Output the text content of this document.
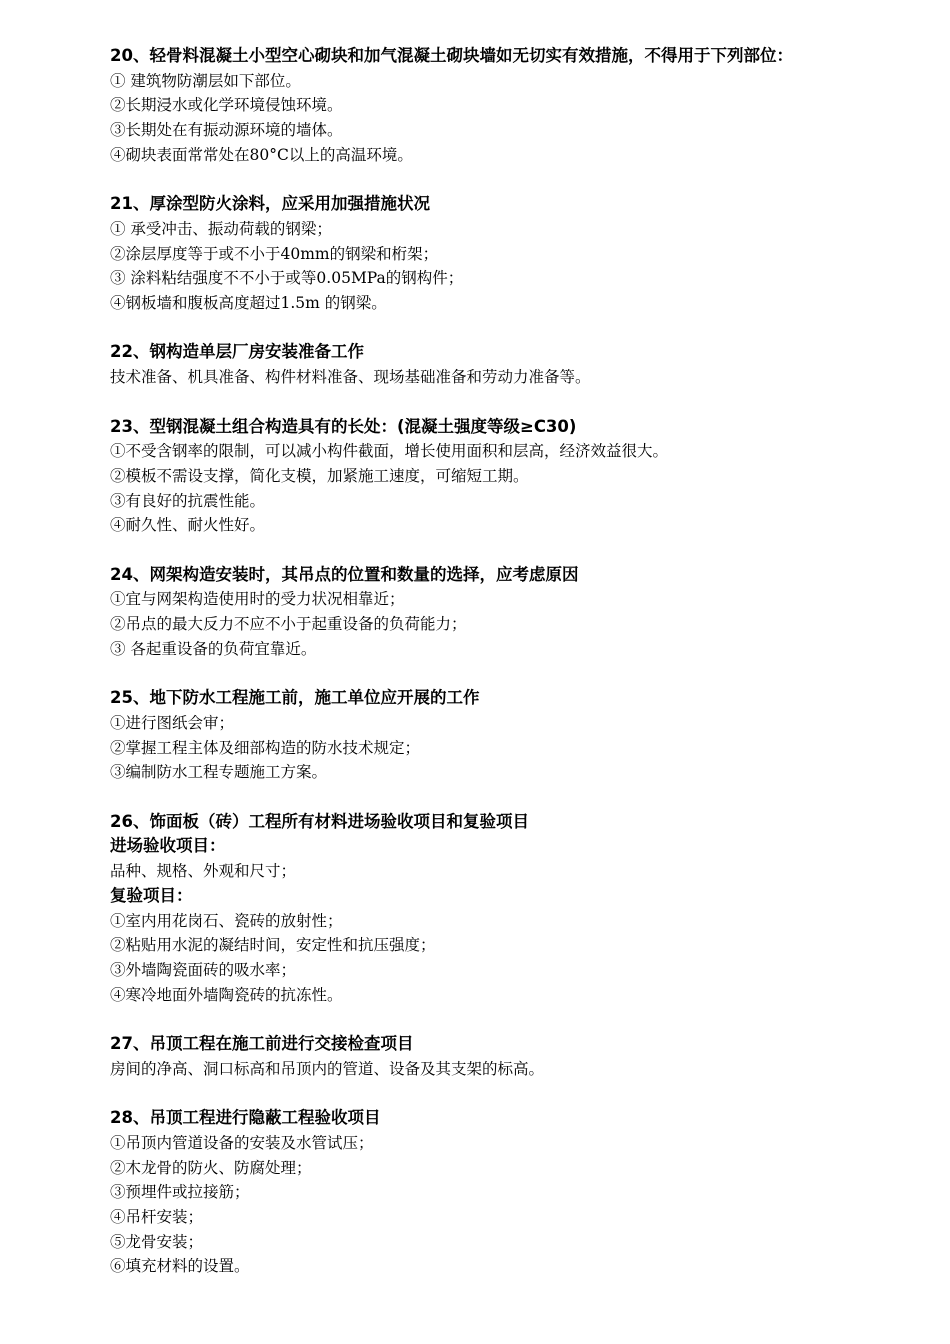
20、轻骨料混凝土小型空心砌块和加气混凝土砌块墙如无切实有效措施，不得用于下列部位：

① 建筑物防潮层如下部位。

②长期浸水或化学环境侵蚀环境。

③长期处在有振动源环境的墙体。

④砌块表面常常处在80°C以上的高温环境。

21、厚涂型防火涂料，应采用加强措施状况

① 承受冲击、振动荷载的钢梁；

②涂层厚度等于或不小于40mm的钢梁和桁架；

③ 涂料粘结强度不不小于或等0.05MPa的钢构件；

④钢板墙和腹板高度超过1.5m 的钢梁。

22、钢构造单层厂房安装准备工作

技术准备、机具准备、构件材料准备、现场基础准备和劳动力准备等。

23、型钢混凝土组合构造具有的长处：(混凝土强度等级≥C30)

①不受含钢率的限制，可以减小构件截面，增长使用面积和层高，经济效益很大。

②模板不需设支撑，简化支模，加紧施工速度，可缩短工期。

③有良好的抗震性能。

④耐久性、耐火性好。

24、网架构造安装时，其吊点的位置和数量的选择，应考虑原因

①宜与网架构造使用时的受力状况相靠近；

②吊点的最大反力不应不小于起重设备的负荷能力；

③ 各起重设备的负荷宜靠近。

25、地下防水工程施工前，施工单位应开展的工作

①进行图纸会审；

②掌握工程主体及细部构造的防水技术规定；

③编制防水工程专题施工方案。

26、饰面板（砖）工程所有材料进场验收项目和复验项目

进场验收项目：

品种、规格、外观和尺寸；

复验项目：

①室内用花岗石、瓷砖的放射性；

②粘贴用水泥的凝结时间，安定性和抗压强度；

③外墙陶瓷面砖的吸水率；

④寒冷地面外墙陶瓷砖的抗冻性。

27、吊顶工程在施工前进行交接检查项目

房间的净高、洞口标高和吊顶内的管道、设备及其支架的标高。

28、吊顶工程进行隐蔽工程验收项目

①吊顶内管道设备的安装及水管试压；

②木龙骨的防火、防腐处理；

③预埋件或拉接筋；

④吊杆安装；

⑤龙骨安装；

⑥填充材料的设置。
